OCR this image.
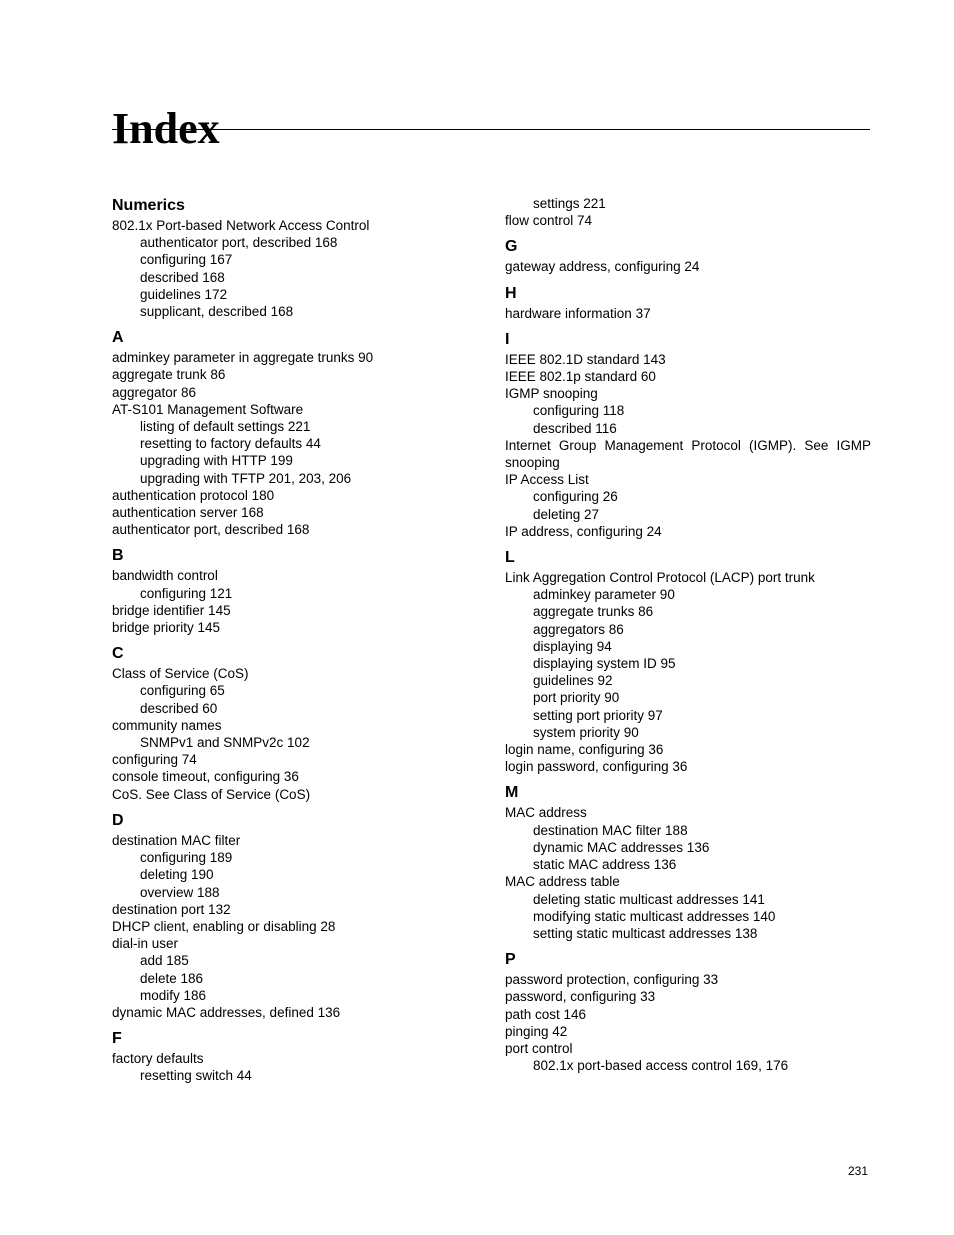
Index
Numerics
802.1x Port-based Network Access Control
authenticator port, described 168
configuring 167
described 168
guidelines 172
supplicant, described 168
A
adminkey parameter in aggregate trunks 90
aggregate trunk 86
aggregator 86
AT-S101 Management Software
listing of default settings 221
resetting to factory defaults 44
upgrading with HTTP 199
upgrading with TFTP 201, 203, 206
authentication protocol 180
authentication server 168
authenticator port, described 168
B
bandwidth control
configuring 121
bridge identifier 145
bridge priority 145
C
Class of Service (CoS)
configuring 65
described 60
community names
SNMPv1 and SNMPv2c 102
configuring 74
console timeout, configuring 36
CoS. See Class of Service (CoS)
D
destination MAC filter
configuring 189
deleting 190
overview 188
destination port 132
DHCP client, enabling or disabling 28
dial-in user
add 185
delete 186
modify 186
dynamic MAC addresses, defined 136
F
factory defaults
resetting switch 44
settings 221
flow control 74
G
gateway address, configuring 24
H
hardware information 37
I
IEEE 802.1D standard 143
IEEE 802.1p standard 60
IGMP snooping
configuring 118
described 116
Internet Group Management Protocol (IGMP). See IGMP
snooping
IP Access List
configuring 26
deleting 27
IP address, configuring 24
L
Link Aggregation Control Protocol (LACP) port trunk
adminkey parameter 90
aggregate trunks 86
aggregators 86
displaying 94
displaying system ID 95
guidelines 92
port priority 90
setting port priority 97
system priority 90
login name, configuring 36
login password, configuring 36
M
MAC address
destination MAC filter 188
dynamic MAC addresses 136
static MAC address 136
MAC address table
deleting static multicast addresses 141
modifying static multicast addresses 140
setting static multicast addresses 138
P
password protection, configuring 33
password, configuring 33
path cost 146
pinging 42
port control
802.1x port-based access control 169, 176
231
